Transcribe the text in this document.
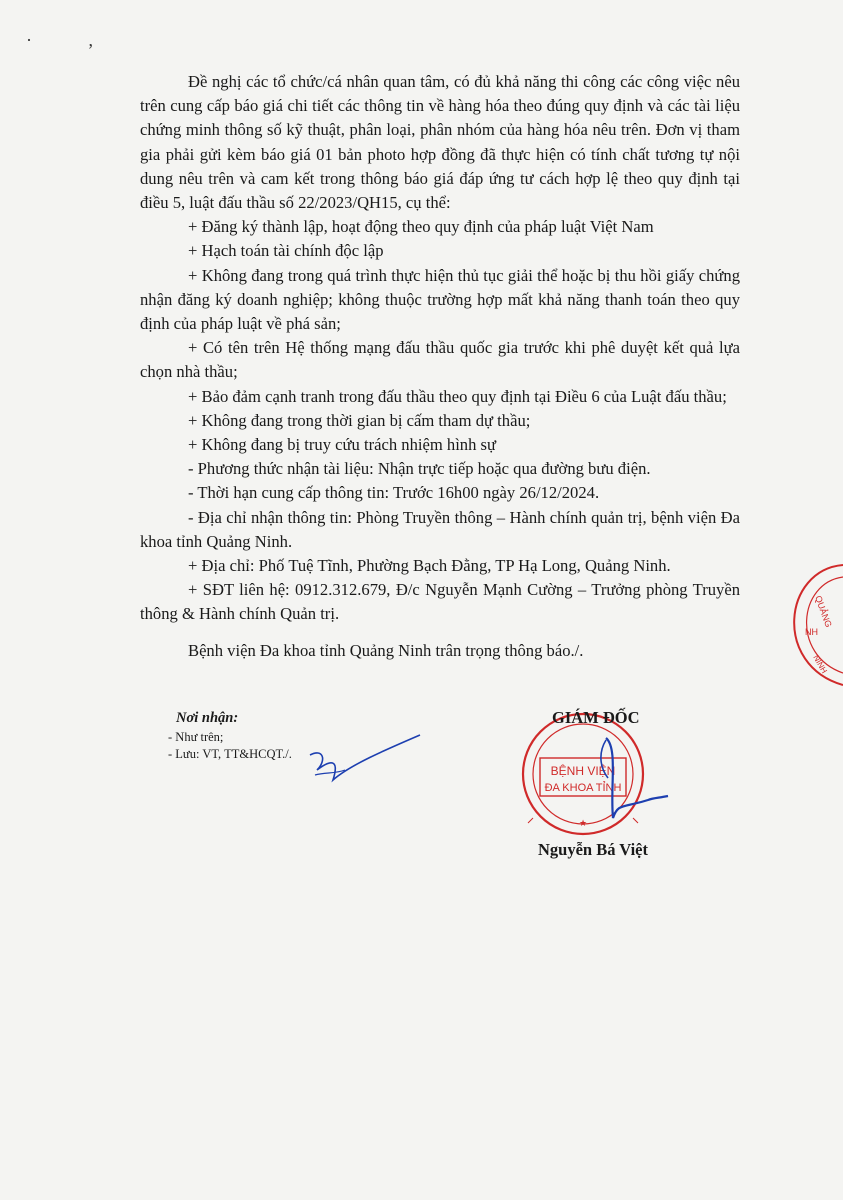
· ,

Đề nghị các tổ chức/cá nhân quan tâm, có đủ khả năng thi công các công việc nêu trên cung cấp báo giá chi tiết các thông tin về hàng hóa theo đúng quy định và các tài liệu chứng minh thông số kỹ thuật, phân loại, phân nhóm của hàng hóa nêu trên. Đơn vị tham gia phải gửi kèm báo giá 01 bản photo hợp đồng đã thực hiện có tính chất tương tự nội dung nêu trên và cam kết trong thông báo giá đáp ứng tư cách hợp lệ theo quy định tại điều 5, luật đấu thầu số 22/2023/QH15, cụ thể:

+ Đăng ký thành lập, hoạt động theo quy định của pháp luật Việt Nam

+ Hạch toán tài chính độc lập

+ Không đang trong quá trình thực hiện thủ tục giải thể hoặc bị thu hồi giấy chứng nhận đăng ký doanh nghiệp; không thuộc trường hợp mất khả năng thanh toán theo quy định của pháp luật về phá sản;

+ Có tên trên Hệ thống mạng đấu thầu quốc gia trước khi phê duyệt kết quả lựa chọn nhà thầu;

+ Bảo đảm cạnh tranh trong đấu thầu theo quy định tại Điều 6 của Luật đấu thầu;

+ Không đang trong thời gian bị cấm tham dự thầu;

+ Không đang bị truy cứu trách nhiệm hình sự

- Phương thức nhận tài liệu: Nhận trực tiếp hoặc qua đường bưu điện.

- Thời hạn cung cấp thông tin: Trước 16h00 ngày 26/12/2024.

- Địa chỉ nhận thông tin: Phòng Truyền thông – Hành chính quản trị, bệnh viện Đa khoa tỉnh Quảng Ninh.

+ Địa chỉ: Phố Tuệ Tĩnh, Phường Bạch Đằng, TP Hạ Long, Quảng Ninh.

+ SĐT liên hệ: 0912.312.679, Đ/c Nguyễn Mạnh Cường – Trưởng phòng Truyền thông & Hành chính Quản trị.

Bệnh viện Đa khoa tỉnh Quảng Ninh trân trọng thông báo./.

Nơi nhận:
- Như trên;
- Lưu: VT, TT&HCQT./.
BỆNH VIỆN
ĐA KHOA TỈNH
★
GIÁM ĐỐC
Nguyễn Bá Việt
QUẢNG
NH
NINH
